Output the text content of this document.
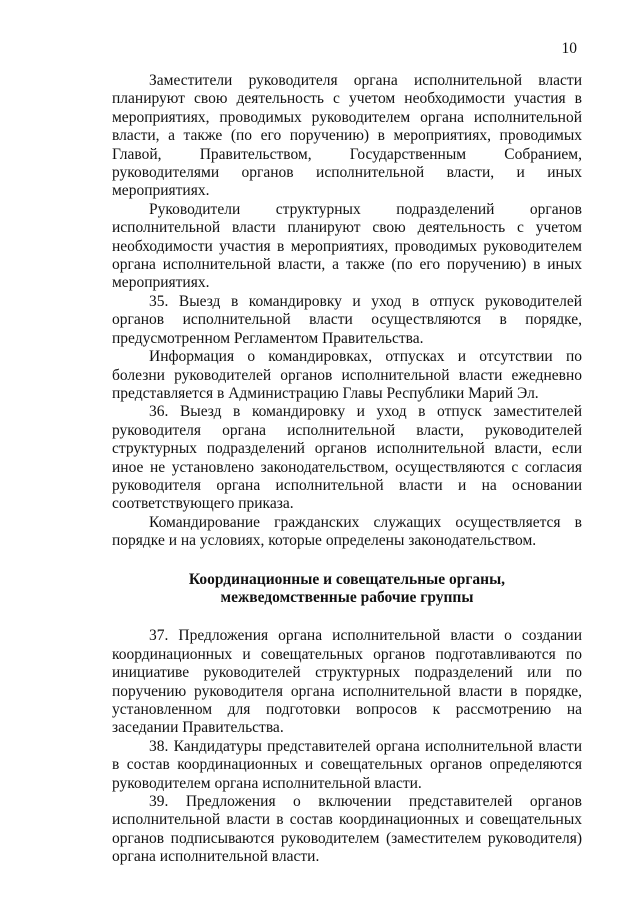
10

Заместители руководителя органа исполнительной власти планируют свою деятельность с учетом необходимости участия в мероприятиях, проводимых руководителем органа исполнительной власти, а также (по его поручению) в мероприятиях, проводимых Главой, Правительством, Государственным Собранием, руководителями органов исполнительной власти, и иных мероприятиях.

Руководители структурных подразделений органов исполнительной власти планируют свою деятельность с учетом необходимости участия в мероприятиях, проводимых руководителем органа исполнительной власти, а также (по его поручению) в иных мероприятиях.

35. Выезд в командировку и уход в отпуск руководителей органов исполнительной власти осуществляются в порядке, предусмотренном Регламентом Правительства.

Информация о командировках, отпусках и отсутствии по болезни руководителей органов исполнительной власти ежедневно представляется в Администрацию Главы Республики Марий Эл.

36. Выезд в командировку и уход в отпуск заместителей руководителя органа исполнительной власти, руководителей структурных подразделений органов исполнительной власти, если иное не установлено законодательством, осуществляются с согласия руководителя органа исполнительной власти и на основании соответствующего приказа.

Командирование гражданских служащих осуществляется в порядке и на условиях, которые определены законодательством.

Координационные и совещательные органы,
межведомственные рабочие группы

37. Предложения органа исполнительной власти о создании координационных и совещательных органов подготавливаются по инициативе руководителей структурных подразделений или по поручению руководителя органа исполнительной власти в порядке, установленном для подготовки вопросов к рассмотрению на заседании Правительства.

38. Кандидатуры представителей органа исполнительной власти в состав координационных и совещательных органов определяются руководителем органа исполнительной власти.

39. Предложения о включении представителей органов исполнительной власти в состав координационных и совещательных органов подписываются руководителем (заместителем руководителя) органа исполнительной власти.
